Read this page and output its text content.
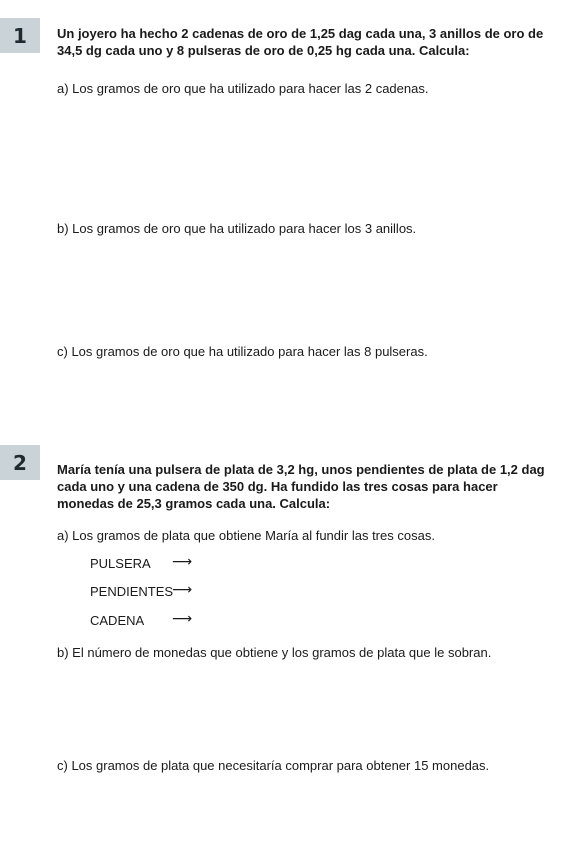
1 Un joyero ha hecho 2 cadenas de oro de 1,25 dag cada una, 3 anillos de oro de 34,5 dg cada uno y 8 pulseras de oro de 0,25 hg cada una. Calcula:
a) Los gramos de oro que ha utilizado para hacer las 2 cadenas.
b) Los gramos de oro que ha utilizado para hacer los 3 anillos.
c) Los gramos de oro que ha utilizado para hacer las 8 pulseras.
2 María tenía una pulsera de plata de 3,2 hg, unos pendientes de plata de 1,2 dag cada uno y una cadena de 350 dg. Ha fundido las tres cosas para hacer monedas de 25,3 gramos cada una. Calcula:
a) Los gramos de plata que obtiene María al fundir las tres cosas.
PULSERA ⟶
PENDIENTES
⟶
CADENA ⟶
b) El número de monedas que obtiene y los gramos de plata que le sobran.
c) Los gramos de plata que necesitaría comprar para obtener 15 monedas.
